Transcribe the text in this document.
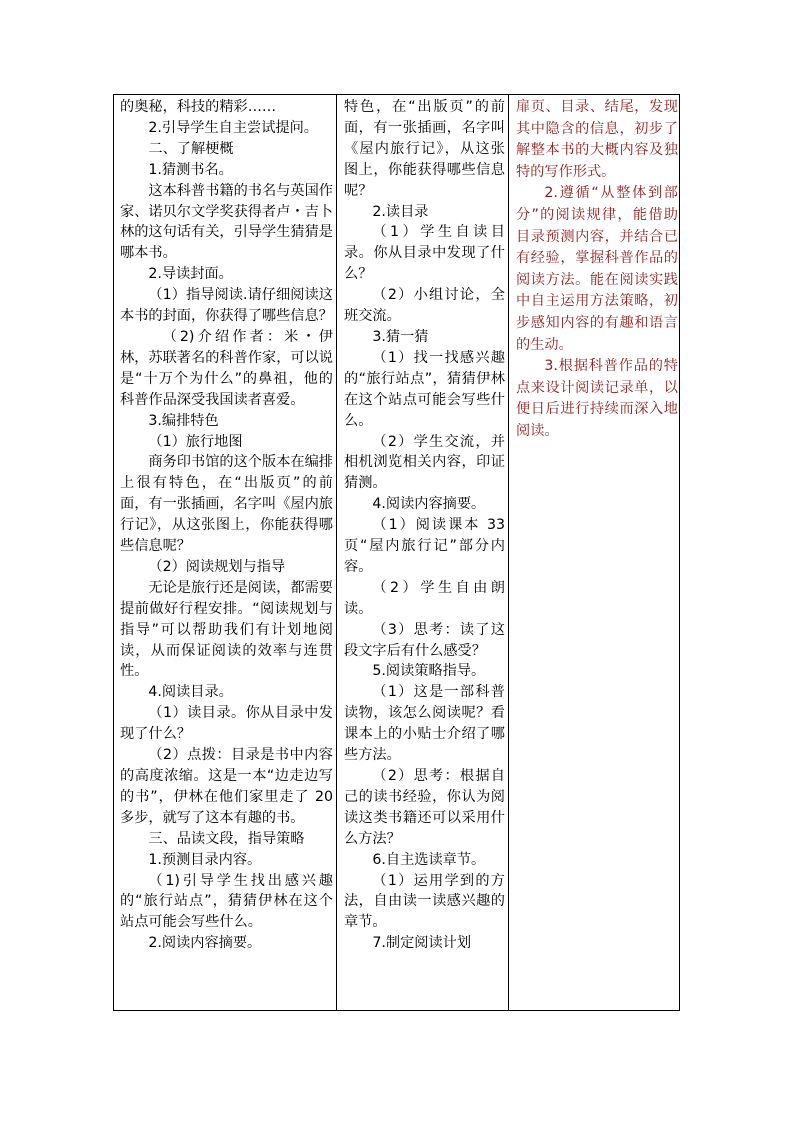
的奥秘，科技的精彩……

2.引导学生自主尝试提问。

二、了解梗概

1.猜测书名。

这本科普书籍的书名与英国作家、诺贝尔文学奖获得者卢・吉卜林的这句话有关，引导学生猜猜是哪本书。

2.导读封面。

（1）指导阅读.请仔细阅读这本书的封面，你获得了哪些信息？

（2)介绍作者：米・伊林，苏联著名的科普作家，可以说是“十万个为什么”的鼻祖，他的科普作品深受我国读者喜爱。

3.编排特色

（1）旅行地图

商务印书馆的这个版本在编排上很有特色，在“出版页”的前面，有一张插画，名字叫《屋内旅行记》，从这张图上，你能获得哪些信息呢？

（2）阅读规划与指导

无论是旅行还是阅读，都需要提前做好行程安排。“阅读规划与指导”可以帮助我们有计划地阅读，从而保证阅读的效率与连贯性。

4.阅读目录。

（1）读目录。你从目录中发现了什么？

（2）点拨：目录是书中内容的高度浓缩。这是一本“边走边写的书”，伊林在他们家里走了 20 多步，就写了这本有趣的书。

三、品读文段，指导策略

1.预测目录内容。

（1)引导学生找出感兴趣的“旅行站点”，猜猜伊林在这个站点可能会写些什么。

2.阅读内容摘要。

特色，在“出版页”的前面，有一张插画，名字叫《屋内旅行记》，从这张图上，你能获得哪些信息呢？

2.读目录

（1）学生自读目录。你从目录中发现了什么？

（2）小组讨论，全班交流。

3.猜一猜

（1）找一找感兴趣的“旅行站点”，猜猜伊林在这个站点可能会写些什么。

（2）学生交流，并相机浏览相关内容，印证猜测。

4.阅读内容摘要。

（1）阅读课本 33 页“屋内旅行记”部分内容。

（2）学生自由朗读。

（3）思考：读了这段文字后有什么感受？

5.阅读策略指导。

（1）这是一部科普读物，该怎么阅读呢？看课本上的小贴士介绍了哪些方法。

（2）思考：根据自己的读书经验，你认为阅读这类书籍还可以采用什么方法？

6.自主选读章节。

（1）运用学到的方法，自由读一读感兴趣的章节。

7.制定阅读计划

扉页、目录、结尾，发现其中隐含的信息，初步了解整本书的大概内容及独特的写作形式。

2.遵循“从整体到部分”的阅读规律，能借助目录预测内容，并结合已有经验，掌握科普作品的阅读方法。能在阅读实践中自主运用方法策略，初步感知内容的有趣和语言的生动。

3.根据科普作品的特点来设计阅读记录单，以便日后进行持续而深入地阅读。
